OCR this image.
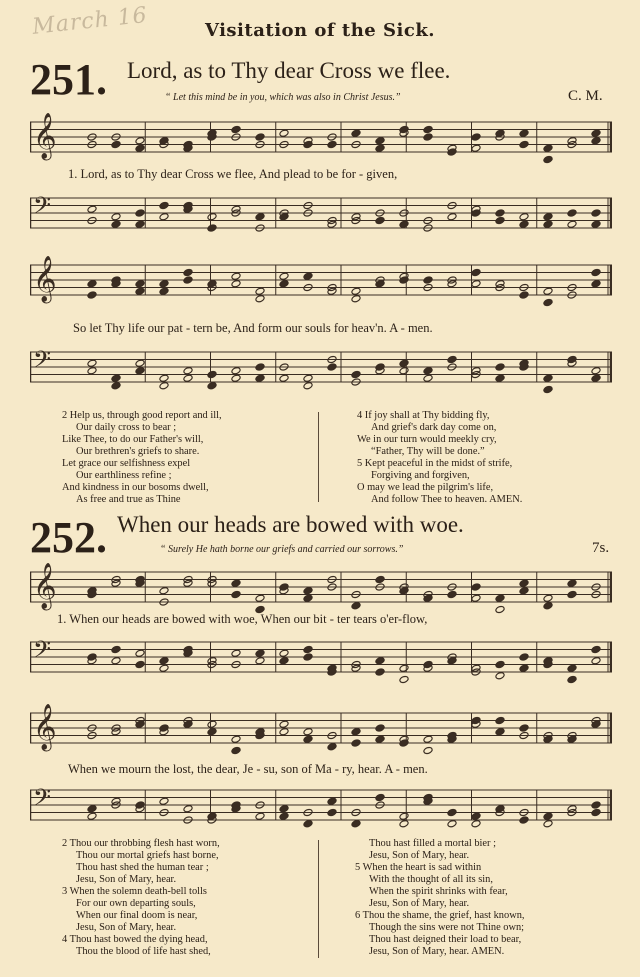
March 16	Visitation of the Sick.
251. Lord, as to Thy dear Cross we flee.
“ Let this mind be in you, which was also in Christ Jesus.”	C. M.
𝄞
1. Lord, as to Thy dear Cross we flee, And plead to be for - given,
𝄢
𝄞
So let Thy life our pat - tern be, And form our souls for heav'n. A - men.
𝄢
2 Help us, through good report and ill,
Our daily cross to bear ;
Like Thee, to do our Father's will,
Our brethren's griefs to share.
Let grace our selfishness expel
Our earthliness refine ;
And kindness in our bosoms dwell,
As free and true as Thine
4 If joy shall at Thy bidding fly,
And grief's dark day come on,
We in our turn would meekly cry,
“Father, Thy will be done.”
5 Kept peaceful in the midst of strife,
Forgiving and forgiven,
O may we lead the pilgrim's life,
And follow Thee to heaven. AMEN.
252. When our heads are bowed with woe.
“ Surely He hath borne our griefs and carried our sorrows.”	7s.
𝄞
1. When our heads are bowed with woe, When our bit - ter tears o'er-flow,
𝄢
𝄞
When we mourn the lost, the dear, Je - su, son of Ma - ry, hear. A - men.
𝄢
2 Thou our throbbing flesh hast worn,
Thou our mortal griefs hast borne,
Thou hast shed the human tear ;
Jesu, Son of Mary, hear.
3 When the solemn death-bell tolls
For our own departing souls,
When our final doom is near,
Jesu, Son of Mary, hear.
4 Thou hast bowed the dying head,
Thou the blood of life hast shed,
Thou hast filled a mortal bier ;
Jesu, Son of Mary, hear.
5 When the heart is sad within
With the thought of all its sin,
When the spirit shrinks with fear,
Jesu, Son of Mary, hear.
6 Thou the shame, the grief, hast known,
Though the sins were not Thine own;
Thou hast deigned their load to bear,
Jesu, Son of Mary, hear. AMEN.
